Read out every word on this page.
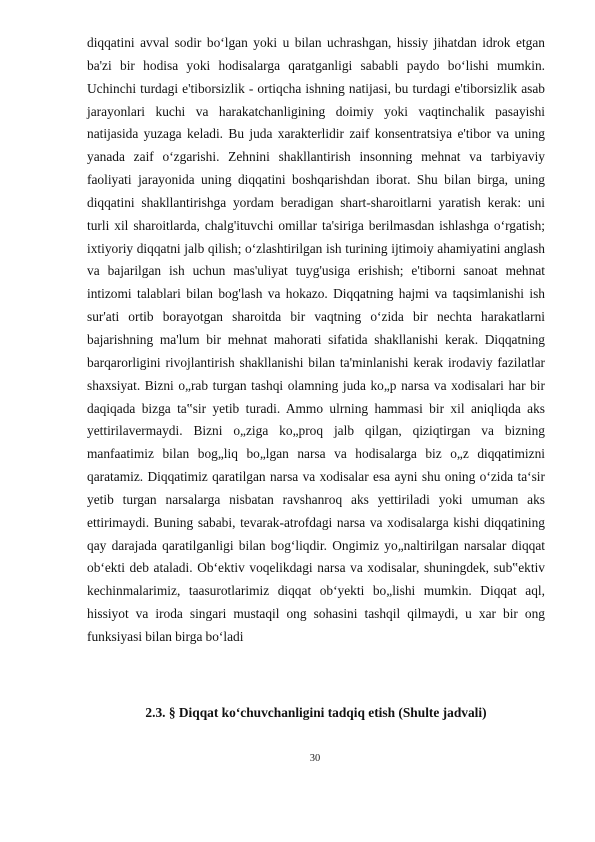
diqqatini avval sodir bo‘lgan yoki u bilan uchrashgan, hissiy jihatdan idrok etgan ba'zi bir hodisa yoki hodisalarga qaratganligi sababli paydo bo‘lishi mumkin. Uchinchi turdagi e'tiborsizlik - ortiqcha ishning natijasi, bu turdagi e'tiborsizlik asab jarayonlari kuchi va harakatchanligining doimiy yoki vaqtinchalik pasayishi natijasida yuzaga keladi. Bu juda xarakterlidir zaif konsentratsiya e'tibor va uning yanada zaif o‘zgarishi. Zehnini shakllantirish insonning mehnat va tarbiyaviy faoliyati jarayonida uning diqqatini boshqarishdan iborat. Shu bilan birga, uning diqqatini shakllantirishga yordam beradigan shart-sharoitlarni yaratish kerak: uni turli xil sharoitlarda, chalg'ituvchi omillar ta'siriga berilmasdan ishlashga o‘rgatish; ixtiyoriy diqqatni jalb qilish; o‘zlashtirilgan ish turining ijtimoiy ahamiyatini anglash va bajarilgan ish uchun mas'uliyat tuyg'usiga erishish; e'tiborni sanoat mehnat intizomi talablari bilan bog'lash va hokazo. Diqqatning hajmi va taqsimlanishi ish sur'ati ortib borayotgan sharoitda bir vaqtning o‘zida bir nechta harakatlarni bajarishning ma'lum bir mehnat mahorati sifatida shakllanishi kerak. Diqqatning barqarorligini rivojlantirish shakllanishi bilan ta'minlanishi kerak irodaviy fazilatlar shaxsiyat. Bizni o„rab turgan tashqi olamning juda ko„p narsa va xodisalari har bir daqiqada bizga ta‟sir yetib turadi. Ammo ulrning hammasi bir xil aniqliqda aks yettirilavermaydi. Bizni o„ziga ko„proq jalb qilgan, qiziqtirgan va bizning manfaatimiz bilan bog„liq bo„lgan narsa va hodisalarga biz o„z diqqatimizni qaratamiz. Diqqatimiz qaratilgan narsa va xodisalar esa ayni shu oning o‘zida ta‘sir yetib turgan narsalarga nisbatan ravshanroq aks yettiriladi yoki umuman aks ettirimaydi. Buning sababi, tevarak-atrofdagi narsa va xodisalarga kishi diqqatining qay darajada qaratilganligi bilan bog‘liqdir. Ongimiz yo„naltirilgan narsalar diqqat ob‘ekti deb ataladi. Ob‘ektiv voqelikdagi narsa va xodisalar, shuningdek, sub‟ektiv kechinmalarimiz, taasurotlarimiz diqqat ob‘yekti bo„lishi mumkin. Diqqat aql, hissiyot va iroda singari mustaqil ong sohasini tashqil qilmaydi, u xar bir ong funksiyasi bilan birga bo‘ladi

2.3. § Diqqat ko‘chuvchanligini tadqiq etish (Shulte jadvali)
30
